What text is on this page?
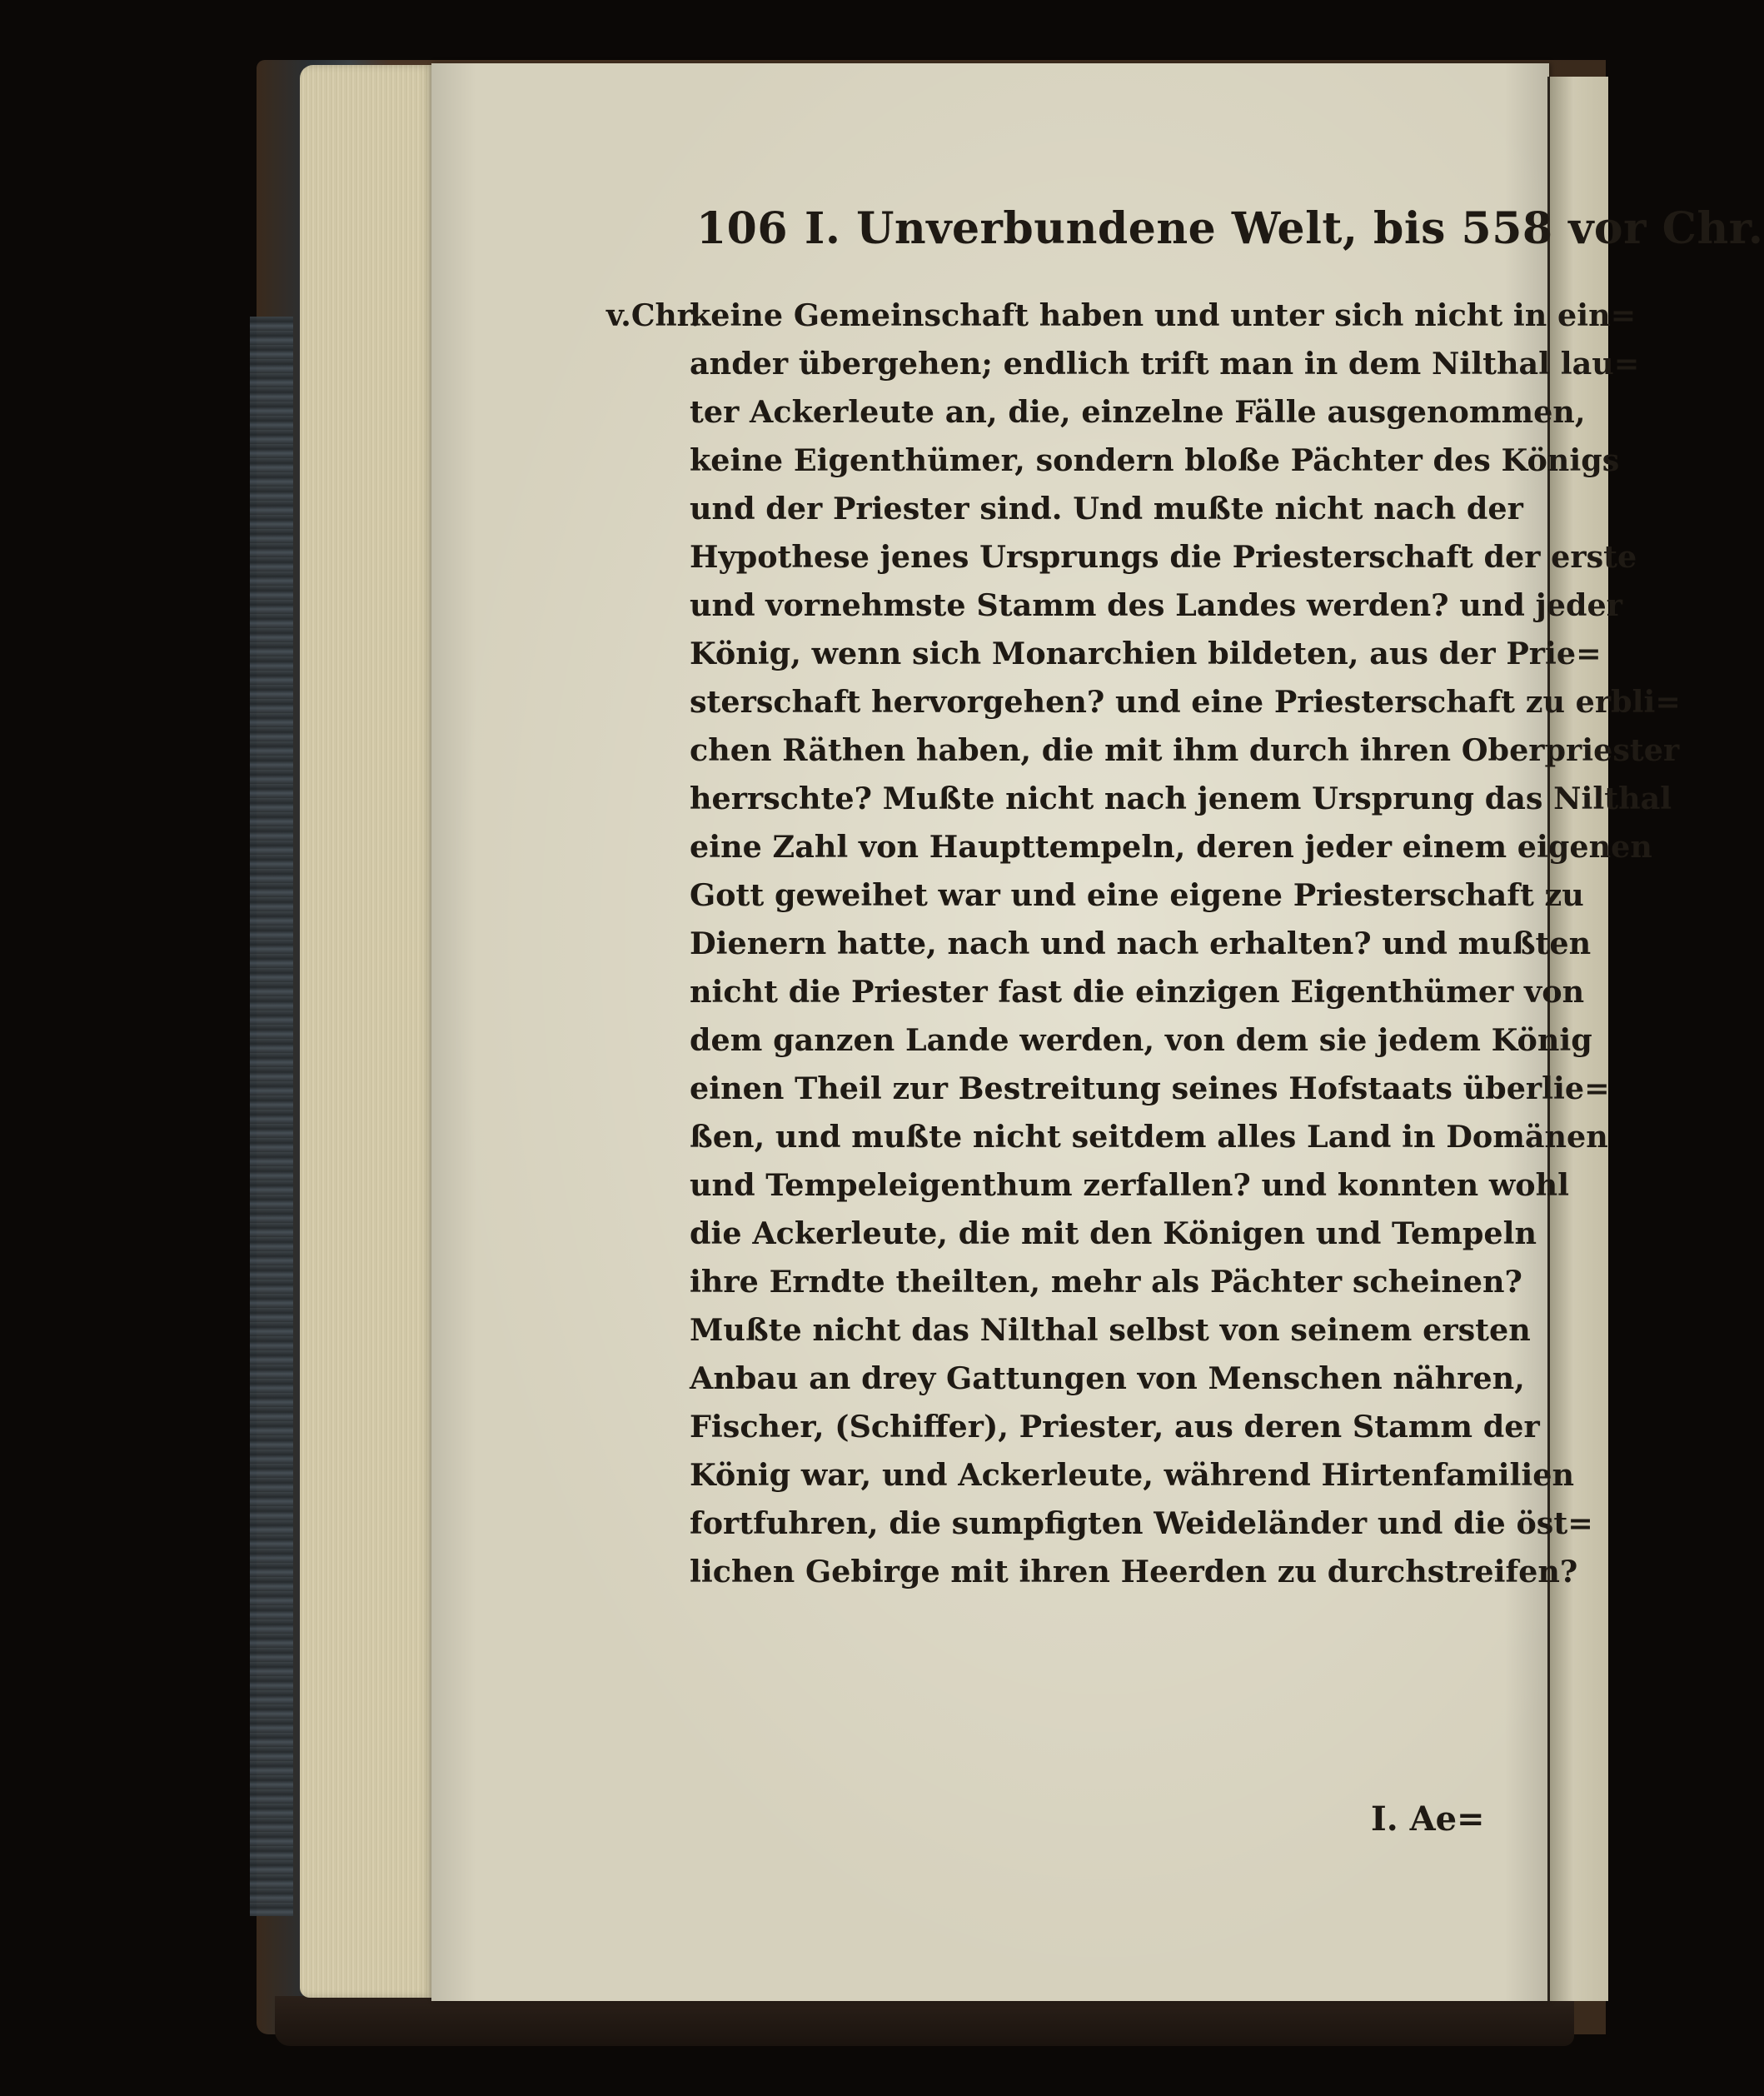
106 I. Unverbundene Welt, bis 558 vor Chr.
v.Chr.
keine Gemeinschaft haben und unter sich nicht in ein=
ander übergehen; endlich trift man in dem Nilthal lau=
ter Ackerleute an, die, einzelne Fälle ausgenommen,
keine Eigenthümer, sondern bloße Pächter des Königs
und der Priester sind. Und mußte nicht nach der
Hypothese jenes Ursprungs die Priesterschaft der erste
und vornehmste Stamm des Landes werden? und jeder
König, wenn sich Monarchien bildeten, aus der Prie=
sterschaft hervorgehen? und eine Priesterschaft zu erbli=
chen Räthen haben, die mit ihm durch ihren Oberpriester
herrschte? Mußte nicht nach jenem Ursprung das Nilthal
eine Zahl von Haupttempeln, deren jeder einem eigenen
Gott geweihet war und eine eigene Priesterschaft zu
Dienern hatte, nach und nach erhalten? und mußten
nicht die Priester fast die einzigen Eigenthümer von
dem ganzen Lande werden, von dem sie jedem König
einen Theil zur Bestreitung seines Hofstaats überlie=
ßen, und mußte nicht seitdem alles Land in Domänen
und Tempeleigenthum zerfallen? und konnten wohl
die Ackerleute, die mit den Königen und Tempeln
ihre Erndte theilten, mehr als Pächter scheinen?
Mußte nicht das Nilthal selbst von seinem ersten
Anbau an drey Gattungen von Menschen nähren,
Fischer, (Schiffer), Priester, aus deren Stamm der
König war, und Ackerleute, während Hirtenfamilien
fortfuhren, die sumpfigten Weideländer und die öst=
lichen Gebirge mit ihren Heerden zu durchstreifen?
I. Ae=
